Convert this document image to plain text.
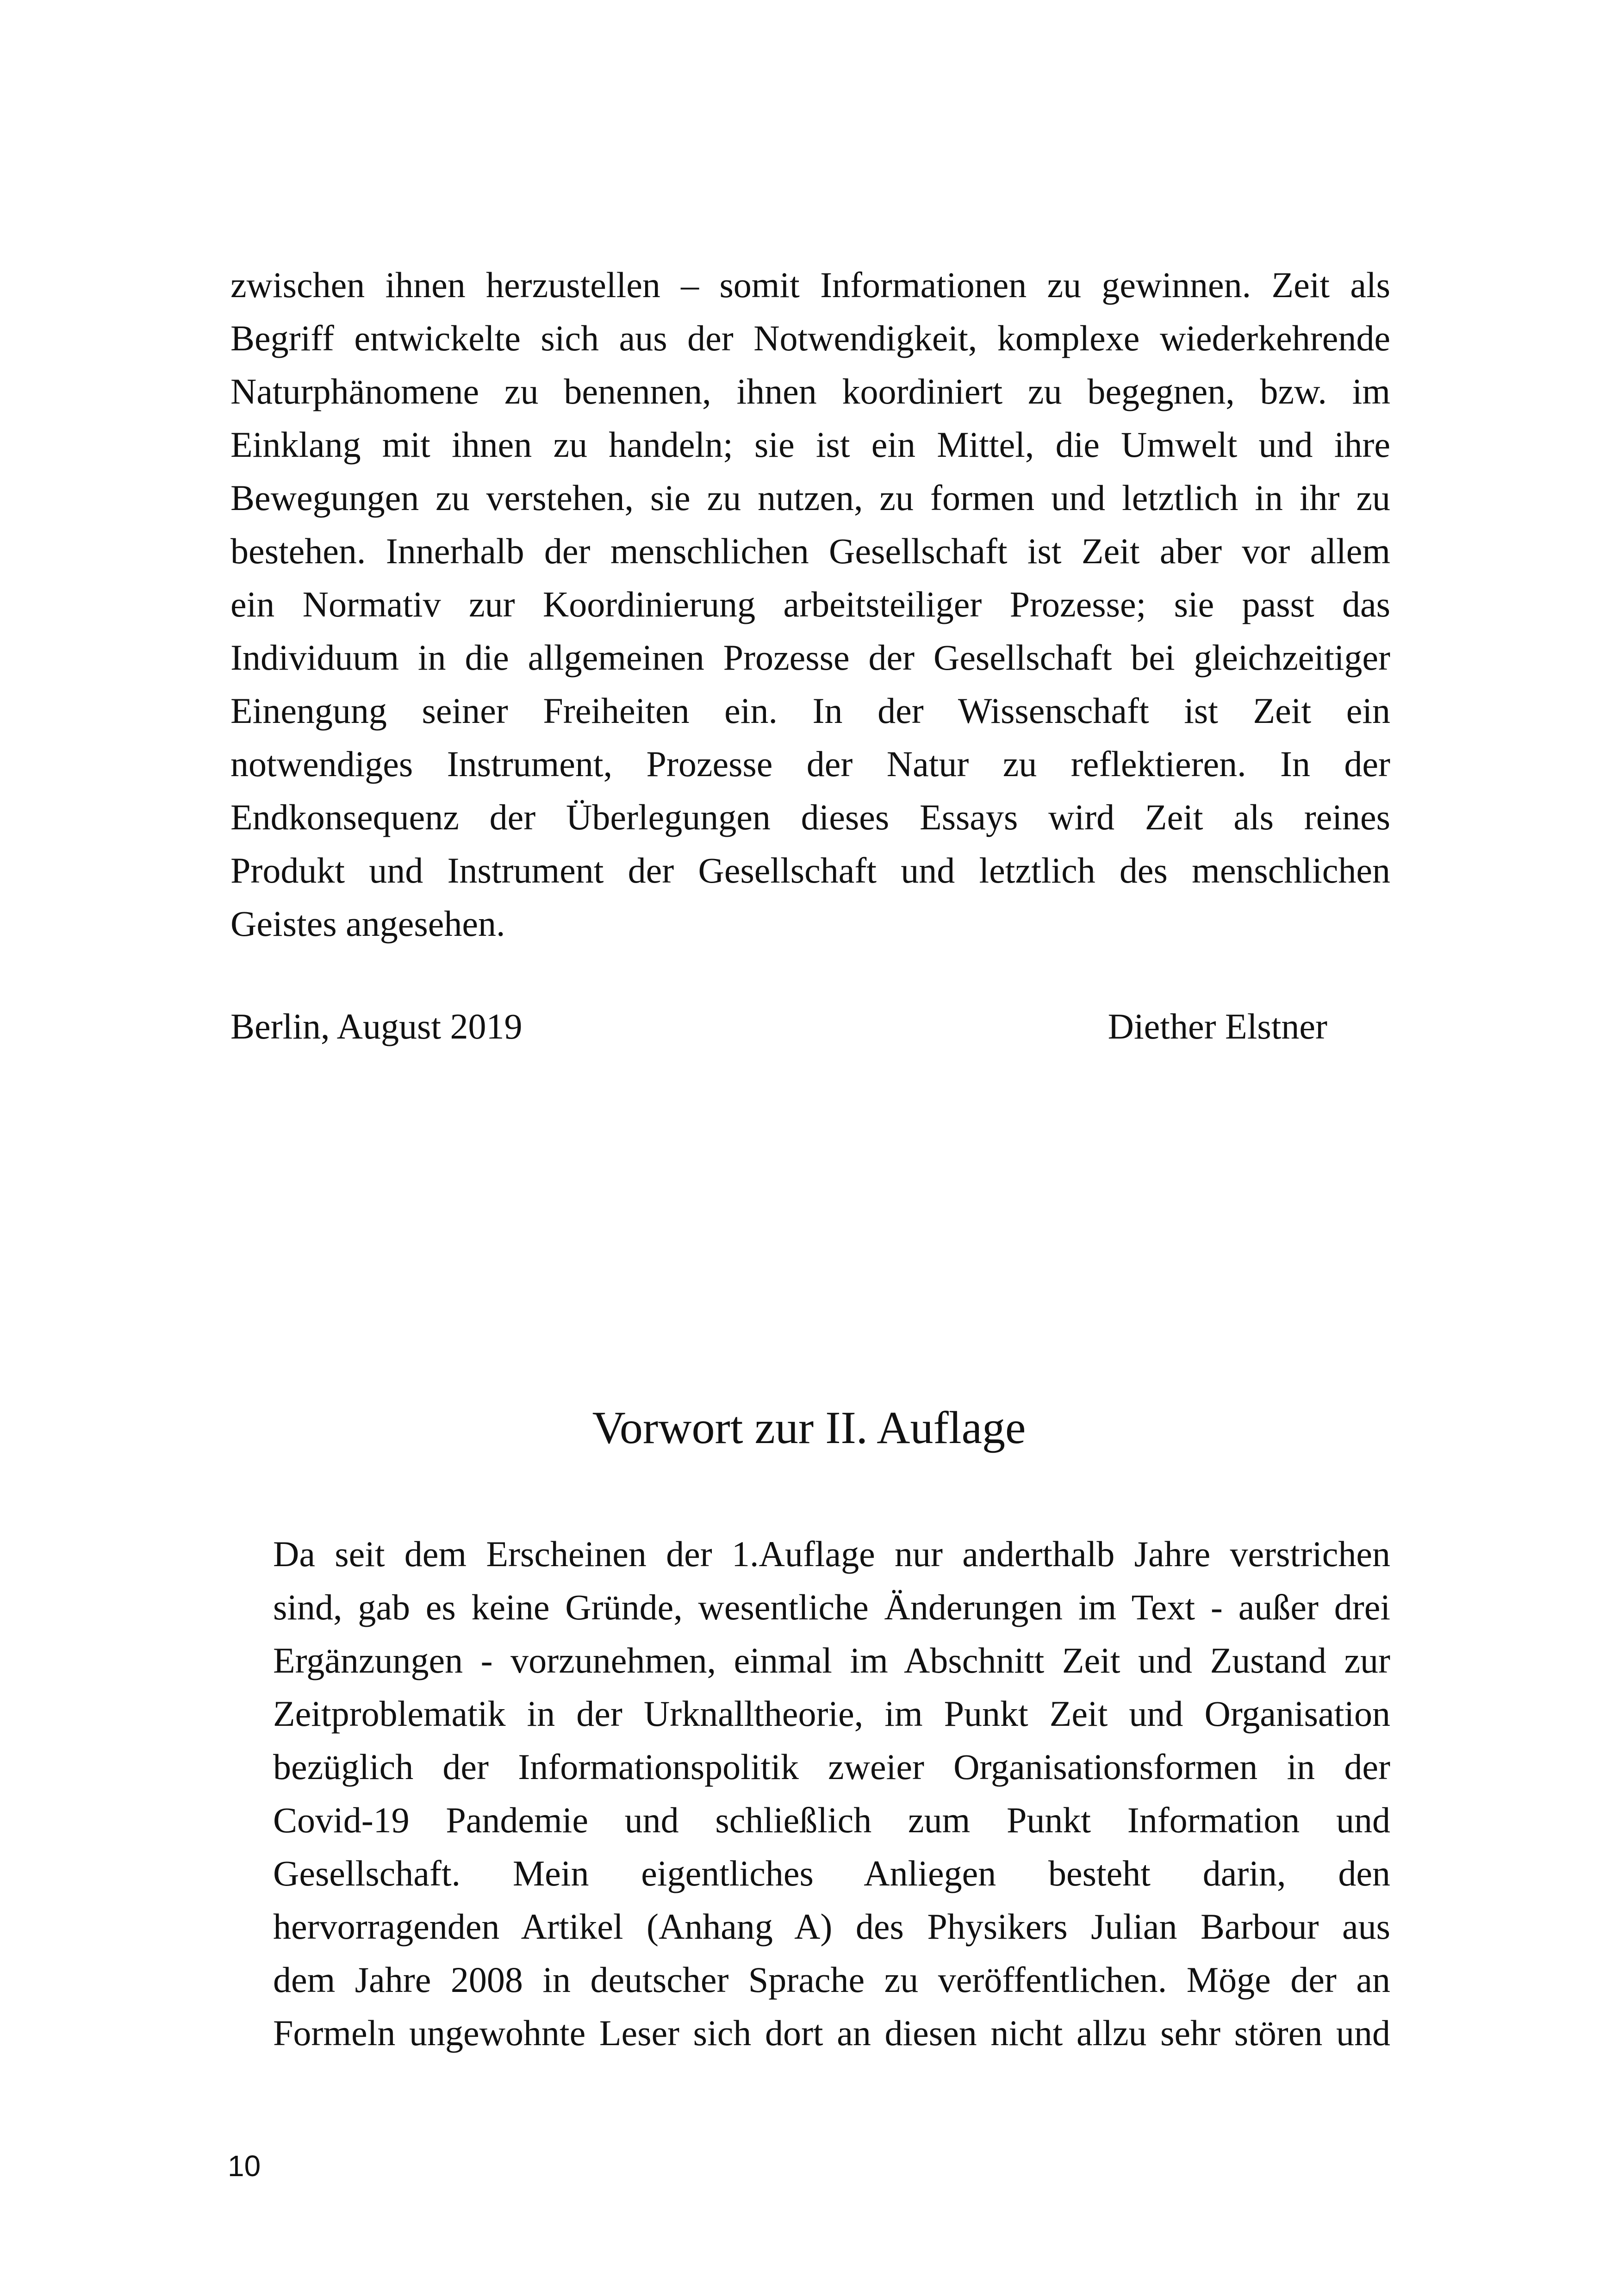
zwischen ihnen herzustellen – somit Informationen zu gewinnen. Zeit als
Begriff entwickelte sich aus der Notwendigkeit, komplexe wiederkehrende
Naturphänomene zu benennen, ihnen koordiniert zu begegnen, bzw. im
Einklang mit ihnen zu handeln; sie ist ein Mittel, die Umwelt und ihre
Bewegungen zu verstehen, sie zu nutzen, zu formen und letztlich in ihr zu
bestehen. Innerhalb der menschlichen Gesellschaft ist Zeit aber vor allem
ein Normativ zur Koordinierung arbeitsteiliger Prozesse; sie passt das
Individuum in die allgemeinen Prozesse der Gesellschaft bei gleichzeitiger
Einengung seiner Freiheiten ein. In der Wissenschaft ist Zeit ein
notwendiges Instrument, Prozesse der Natur zu reflektieren. In der
Endkonsequenz der Überlegungen dieses Essays wird Zeit als reines
Produkt und Instrument der Gesellschaft und letztlich des menschlichen
Geistes angesehen.
Berlin, August 2019	Diether Elstner
Vorwort zur II. Auflage
Da seit dem Erscheinen der 1.Auflage nur anderthalb Jahre verstrichen
sind, gab es keine Gründe, wesentliche Änderungen im Text - außer drei
Ergänzungen - vorzunehmen, einmal im Abschnitt Zeit und Zustand zur
Zeitproblematik in der Urknalltheorie, im Punkt Zeit und Organisation
bezüglich der Informationspolitik zweier Organisationsformen in der
Covid-19 Pandemie und schließlich zum Punkt Information und
Gesellschaft. Mein eigentliches Anliegen besteht darin, den
hervorragenden Artikel (Anhang A) des Physikers Julian Barbour aus
dem Jahre 2008 in deutscher Sprache zu veröffentlichen. Möge der an
Formeln ungewohnte Leser sich dort an diesen nicht allzu sehr stören und
10
